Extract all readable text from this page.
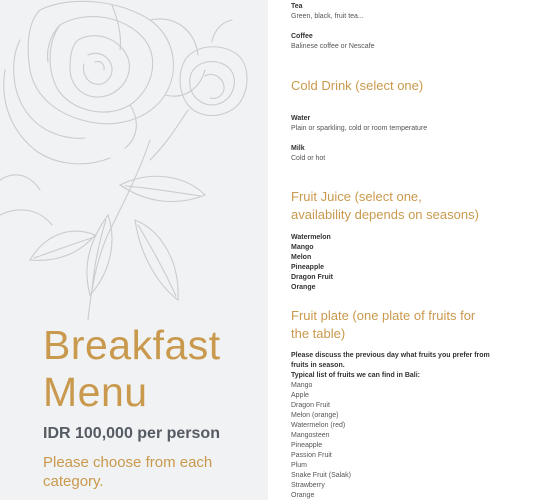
Breakfast
Menu
IDR 100,000 per person
Please choose from each category.
Tea
Green, black, fruit tea...
Coffee
Balinese coffee or Nescafe
Cold Drink (select one)
Water
Plain or sparkling, cold or room temperature
Milk
Cold or hot
Fruit Juice (select one,
availability depends on seasons)
Watermelon
Mango
Melon
Pineapple
Dragon Fruit
Orange
Fruit plate (one plate of fruits for
the table)
Please discuss the previous day what fruits you prefer from
fruits in season.
Typical list of fruits we can find in Bali:
Mango
Apple
Dragon Fruit
Melon (orange)
Watermelon (red)
Mangosteen
Pineapple
Passion Fruit
Plum
Snake Fruit (Salak)
Strawberry
Orange
